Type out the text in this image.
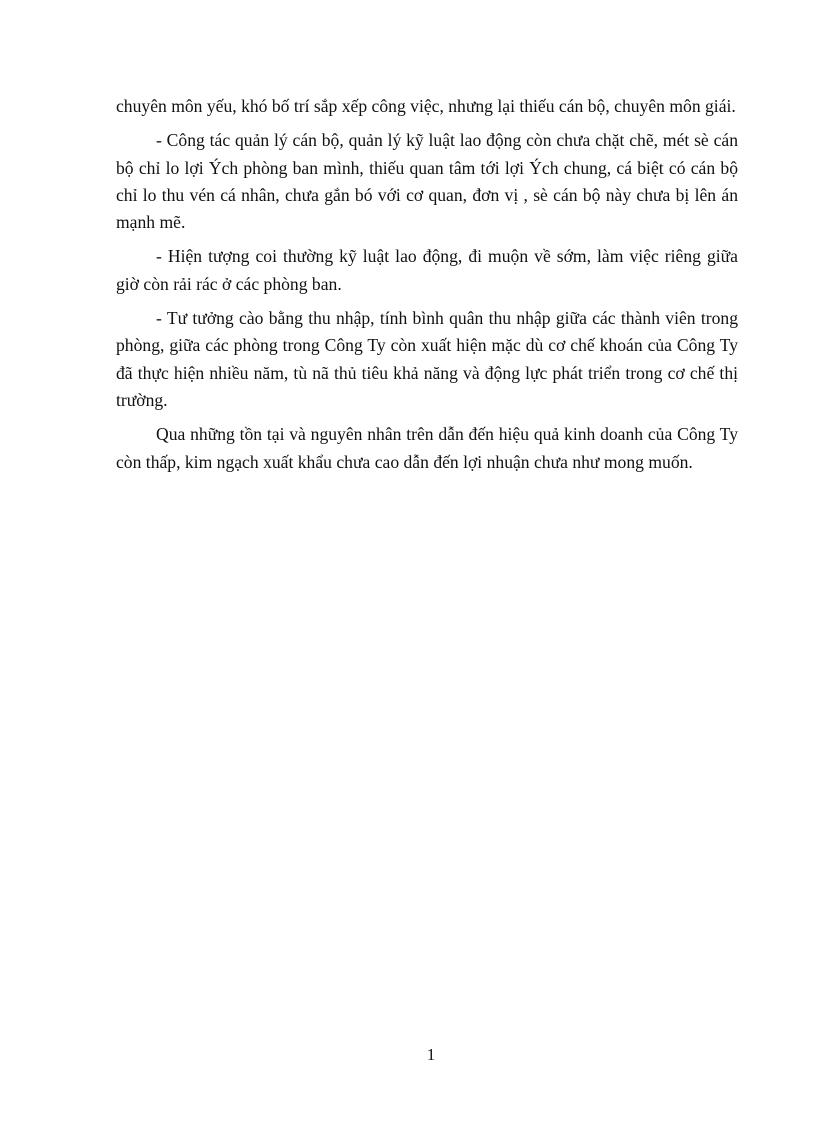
chuyên môn yếu, khó bố trí sắp xếp công việc, nhưng lại thiếu cán bộ, chuyên môn giái.

- Công tác quản lý cán bộ, quản lý kỹ luật lao động còn chưa chặt chẽ, mét sè cán bộ chỉ lo lợi Ých phòng ban mình, thiếu quan tâm tới lợi Ých chung, cá biệt có cán bộ chỉ lo thu vén cá nhân, chưa gắn bó với cơ quan, đơn vị , sè cán bộ này chưa bị lên án mạnh mẽ.

- Hiện tượng coi thường kỹ luật lao động, đi muộn về sớm, làm việc riêng giữa giờ còn rải rác ở các phòng ban.

- Tư tưởng cào bằng thu nhập, tính bình quân thu nhập giữa các thành viên trong phòng, giữa các phòng trong Công Ty còn xuất hiện mặc dù cơ chế khoán của Công Ty đã thực hiện nhiều năm, tù nã thủ tiêu khả năng và động lực phát triển trong cơ chế thị trường.

Qua những tồn tại và nguyên nhân trên dẫn đến hiệu quả kinh doanh của Công Ty còn thấp, kim ngạch xuất khẩu chưa cao dẫn đến lợi nhuận chưa như mong muốn.

1
